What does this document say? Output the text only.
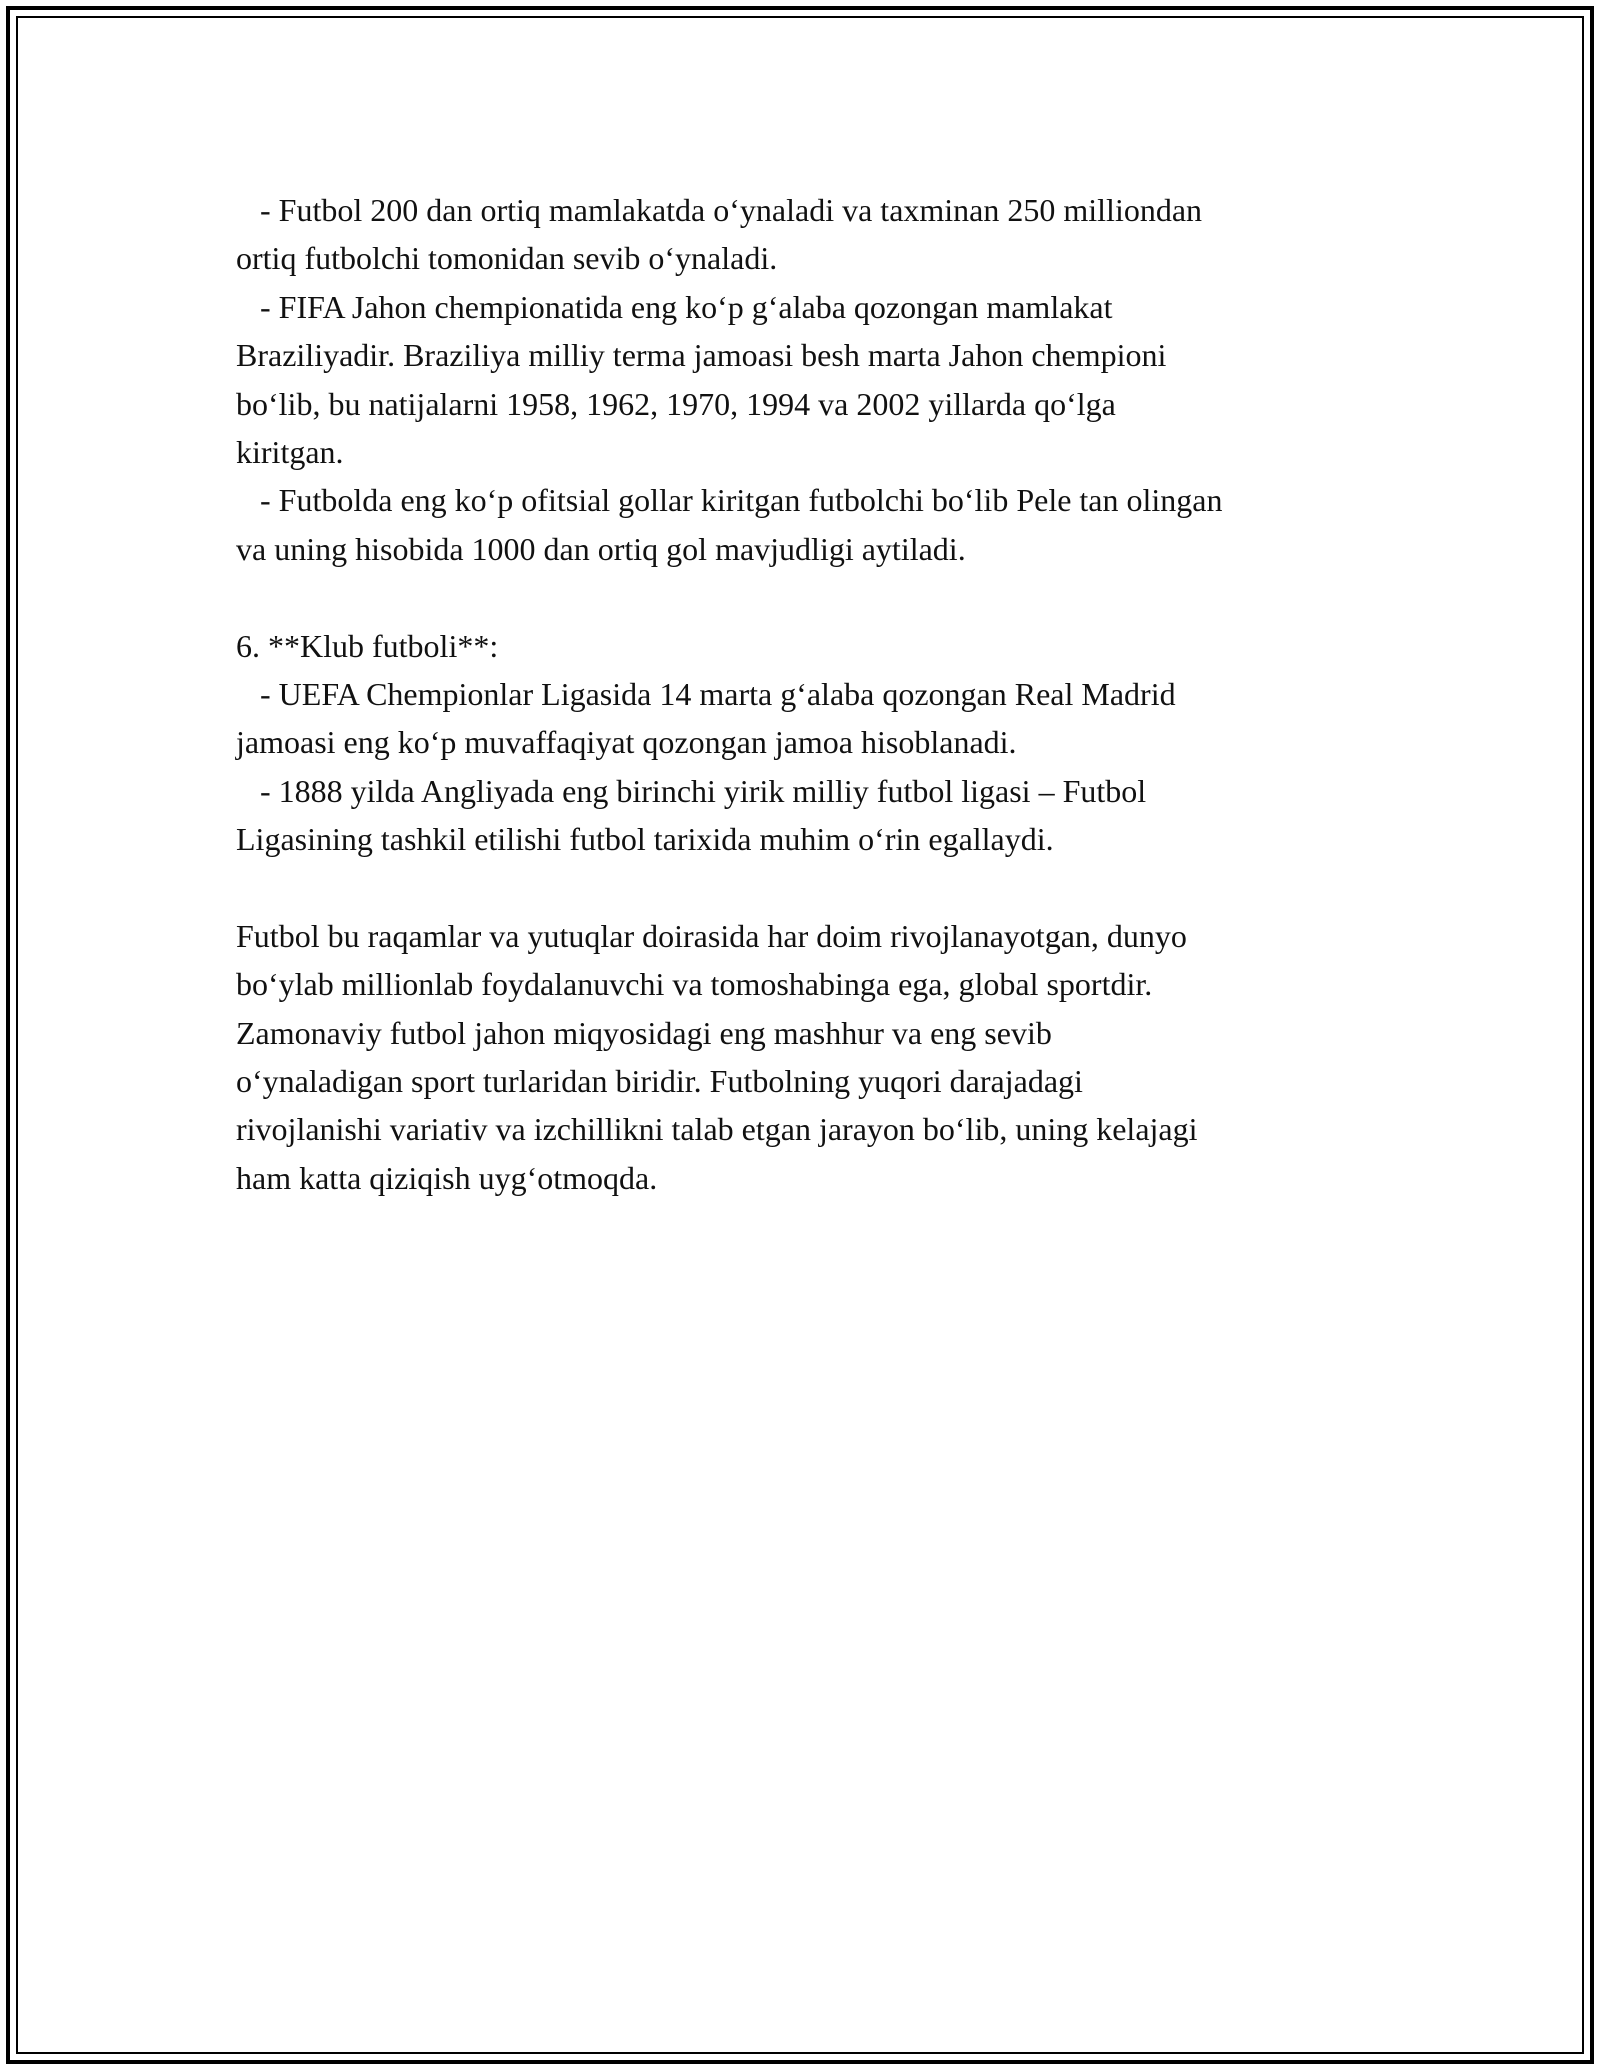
- Futbol 200 dan ortiq mamlakatda o‘ynaladi va taxminan 250 milliondan
ortiq futbolchi tomonidan sevib o‘ynaladi.
- FIFA Jahon chempionatida eng ko‘p g‘alaba qozongan mamlakat
Braziliyadir. Braziliya milliy terma jamoasi besh marta Jahon chempioni
bo‘lib, bu natijalarni 1958, 1962, 1970, 1994 va 2002 yillarda qo‘lga
kiritgan.
- Futbolda eng ko‘p ofitsial gollar kiritgan futbolchi bo‘lib Pele tan olingan
va uning hisobida 1000 dan ortiq gol mavjudligi aytiladi.
6. **Klub futboli**:
- UEFA Chempionlar Ligasida 14 marta g‘alaba qozongan Real Madrid
jamoasi eng ko‘p muvaffaqiyat qozongan jamoa hisoblanadi.
- 1888 yilda Angliyada eng birinchi yirik milliy futbol ligasi – Futbol
Ligasining tashkil etilishi futbol tarixida muhim o‘rin egallaydi.
Futbol bu raqamlar va yutuqlar doirasida har doim rivojlanayotgan, dunyo
bo‘ylab millionlab foydalanuvchi va tomoshabinga ega, global sportdir.
Zamonaviy futbol jahon miqyosidagi eng mashhur va eng sevib
o‘ynaladigan sport turlaridan biridir. Futbolning yuqori darajadagi
rivojlanishi variativ va izchillikni talab etgan jarayon bo‘lib, uning kelajagi
ham katta qiziqish uyg‘otmoqda.
